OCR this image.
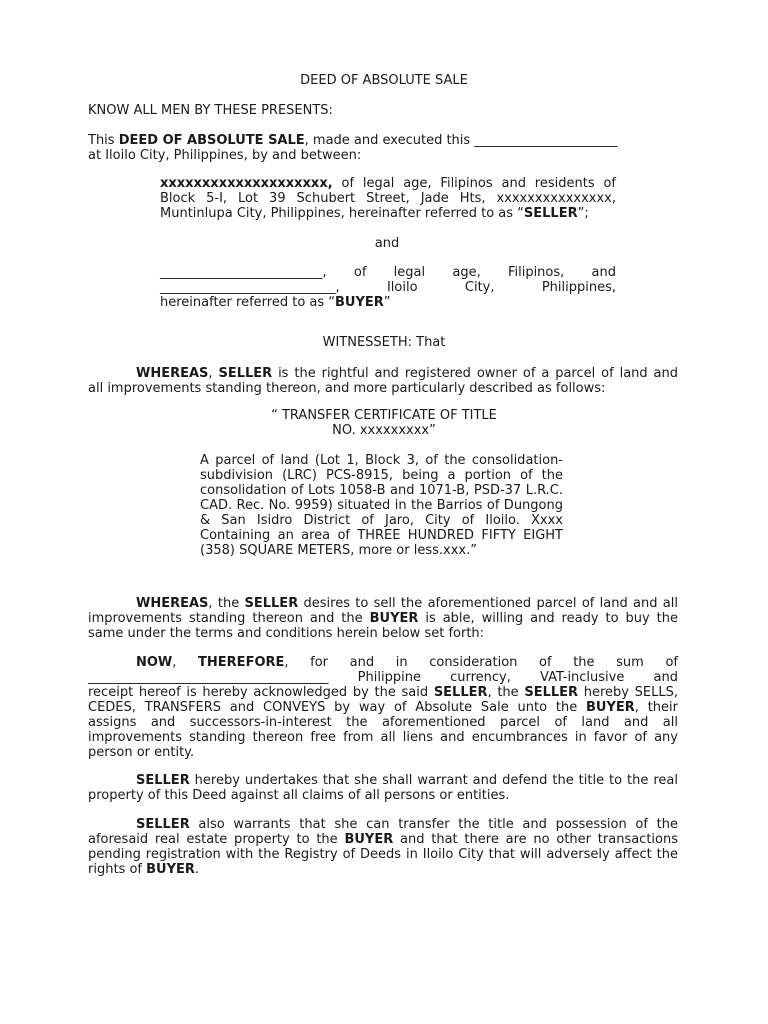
DEED OF ABSOLUTE SALE
KNOW ALL MEN BY THESE PRESENTS:
This DEED OF ABSOLUTE SALE, made and executed this ______________________
at Iloilo City, Philippines, by and between:
xxxxxxxxxxxxxxxxxxxx, of legal age, Filipinos and residents of
Block 5-I, Lot 39 Schubert Street, Jade Hts, xxxxxxxxxxxxxxx,
Muntinlupa City, Philippines, hereinafter referred to as “SELLER”;
and
_________________________, of legal age, Filipinos, and
___________________________, Iloilo City, Philippines,
hereinafter referred to as “BUYER”
WITNESSETH: That
WHEREAS, SELLER is the rightful and registered owner of a parcel of land and
all improvements standing thereon, and more particularly described as follows:
“ TRANSFER CERTIFICATE OF TITLE
NO. xxxxxxxxx”
A parcel of land (Lot 1, Block 3, of the consolidation-
subdivision (LRC) PCS-8915, being a portion of the
consolidation of Lots 1058-B and 1071-B, PSD-37 L.R.C.
CAD. Rec. No. 9959) situated in the Barrios of Dungong
& San Isidro District of Jaro, City of Iloilo. Xxxx
Containing an area of THREE HUNDRED FIFTY EIGHT
(358) SQUARE METERS, more or less.xxx.”
WHEREAS, the SELLER desires to sell the aforementioned parcel of land and all
improvements standing thereon and the BUYER is able, willing and ready to buy the
same under the terms and conditions herein below set forth:
NOW, THEREFORE, for and in consideration of the sum of
_____________________________________ Philippine currency, VAT-inclusive and
receipt hereof is hereby acknowledged by the said SELLER, the SELLER hereby SELLS,
CEDES, TRANSFERS and CONVEYS by way of Absolute Sale unto the BUYER, their
assigns and successors-in-interest the aforementioned parcel of land and all
improvements standing thereon free from all liens and encumbrances in favor of any
person or entity.
SELLER hereby undertakes that she shall warrant and defend the title to the real
property of this Deed against all claims of all persons or entities.
SELLER also warrants that she can transfer the title and possession of the
aforesaid real estate property to the BUYER and that there are no other transactions
pending registration with the Registry of Deeds in Iloilo City that will adversely affect the
rights of BUYER.
